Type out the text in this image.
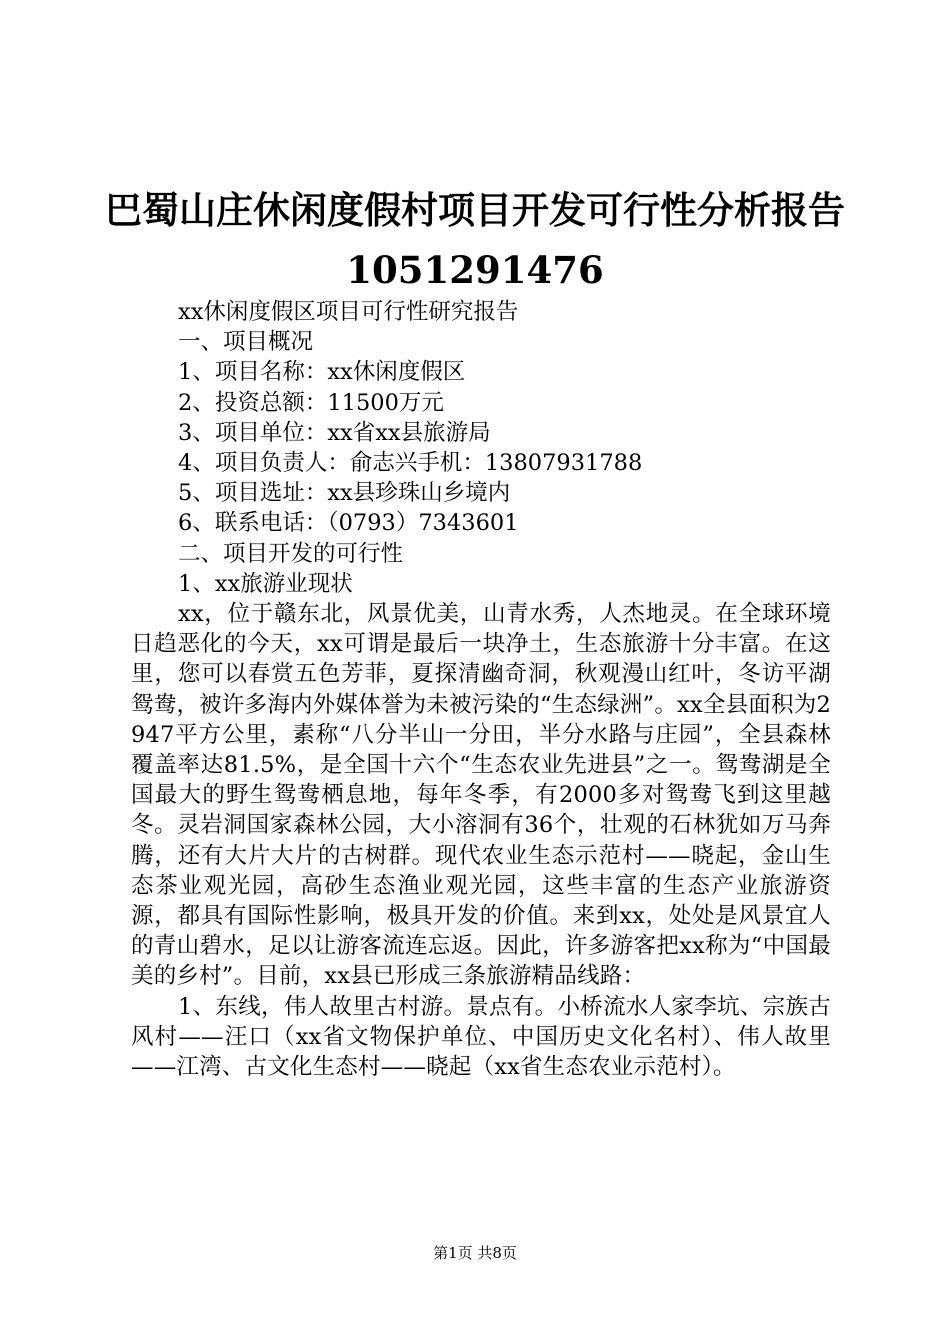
巴蜀山庄休闲度假村项目开发可行性分析报告
1051291476
xx休闲度假区项目可行性研究报告
一、项目概况
1、项目名称：xx休闲度假区
2、投资总额：11500万元
3、项目单位：xx省xx县旅游局
4、项目负责人：俞志兴手机：13807931788
5、项目选址：xx县珍珠山乡境内
6、联系电话：（0793）7343601
二、项目开发的可行性
1、xx旅游业现状

xx，位于赣东北，风景优美，山青水秀，人杰地灵。在全球环境日趋恶化的今天，xx可谓是最后一块净土，生态旅游十分丰富。在这里，您可以春赏五色芳菲，夏探清幽奇洞，秋观漫山红叶，冬访平湖鸳鸯，被许多海内外媒体誉为未被污染的“生态绿洲”。xx全县面积为2947平方公里，素称“八分半山一分田，半分水路与庄园”，全县森林覆盖率达81.5%，是全国十六个“生态农业先进县”之一。鸳鸯湖是全国最大的野生鸳鸯栖息地，每年冬季，有2000多对鸳鸯飞到这里越冬。灵岩洞国家森林公园，大小溶洞有36个，壮观的石林犹如万马奔腾，还有大片大片的古树群。现代农业生态示范村——晓起，金山生态茶业观光园，高砂生态渔业观光园，这些丰富的生态产业旅游资源，都具有国际性影响，极具开发的价值。来到xx，处处是风景宜人的青山碧水，足以让游客流连忘返。因此，许多游客把xx称为“中国最美的乡村”。目前，xx县已形成三条旅游精品线路：

1、东线，伟人故里古村游。景点有。小桥流水人家李坑、宗族古风村——汪口（xx省文物保护单位、中国历史文化名村）、伟人故里——江湾、古文化生态村——晓起（xx省生态农业示范村）。

第1页 共8页
